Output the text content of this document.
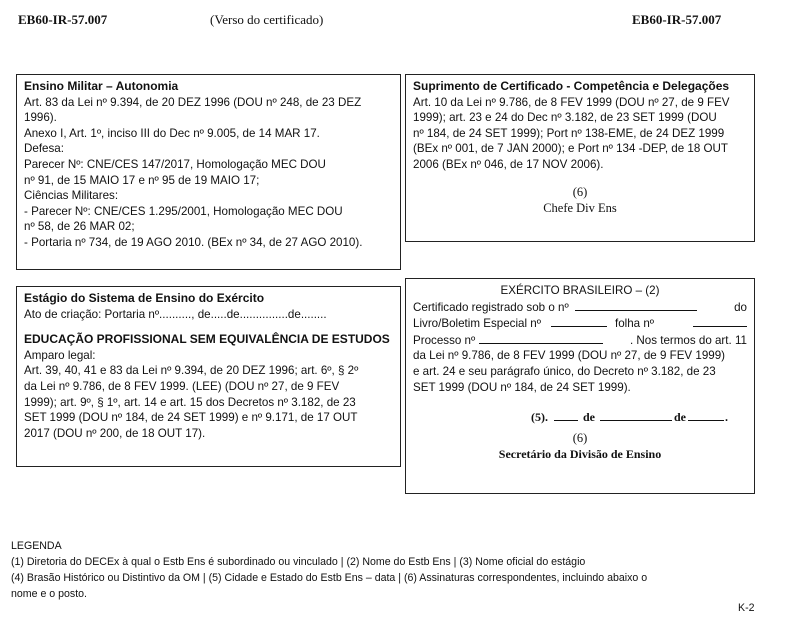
EB60-IR-57.007	(Verso do certificado)	EB60-IR-57.007
Ensino Militar – Autonomia
Art. 83 da Lei nº 9.394, de 20 DEZ 1996 (DOU nº 248, de 23 DEZ
1996).
Anexo I, Art. 1º, inciso III do Dec nº 9.005, de 14 MAR 17.
Defesa:
Parecer Nº: CNE/CES 147/2017, Homologação MEC DOU
nº 91, de 15 MAIO 17 e nº 95 de 19 MAIO 17;
Ciências Militares:
- Parecer Nº: CNE/CES 1.295/2001, Homologação MEC DOU
nº 58, de 26 MAR 02;
- Portaria nº 734, de 19 AGO 2010. (BEx nº 34, de 27 AGO 2010).
Suprimento de Certificado - Competência e Delegações
Art. 10 da Lei nº 9.786, de 8 FEV 1999 (DOU nº 27, de 9 FEV
1999); art. 23 e 24 do Dec nº 3.182, de 23 SET 1999 (DOU
nº 184, de 24 SET 1999); Port nº 138-EME, de 24 DEZ 1999
(BEx nº 001, de 7 JAN 2000); e Port nº 134 -DEP, de 18 OUT
2006 (BEx nº 046, de 17 NOV 2006).
(6)
Chefe Div Ens
Estágio do Sistema de Ensino do Exército
Ato de criação: Portaria nº.........., de.....de...............de........
EDUCAÇÃO PROFISSIONAL SEM EQUIVALÊNCIA DE ESTUDOS
Amparo legal:
Art. 39, 40, 41 e 83 da Lei nº 9.394, de 20 DEZ 1996; art. 6º, § 2º
da Lei nº 9.786, de 8 FEV 1999. (LEE) (DOU nº 27, de 9 FEV
1999); art. 9º, § 1º, art. 14 e art. 15 dos Decretos nº 3.182, de 23
SET 1999 (DOU nº 184, de 24 SET 1999) e nº 9.171, de 17 OUT
2017 (DOU nº 200, de 18 OUT 17).
EXÉRCITO BRASILEIRO – (2)
Certificado registrado sob o nº	do
Livro/Boletim Especial nº	folha nº
Processo nº	. Nos termos do art. 11
da Lei nº 9.786, de 8 FEV 1999 (DOU nº 27, de 9 FEV 1999)
e art. 24 e seu parágrafo único, do Decreto nº 3.182, de 23
SET 1999 (DOU nº 184, de 24 SET 1999).
(5).	de	de	.
(6)
Secretário da Divisão de Ensino
LEGENDA
(1) Diretoria do DECEx à qual o Estb Ens é subordinado ou vinculado | (2) Nome do Estb Ens | (3) Nome oficial do estágio
(4) Brasão Histórico ou Distintivo da OM | (5) Cidade e Estado do Estb Ens – data | (6) Assinaturas correspondentes, incluindo abaixo o
nome e o posto.
K-2
